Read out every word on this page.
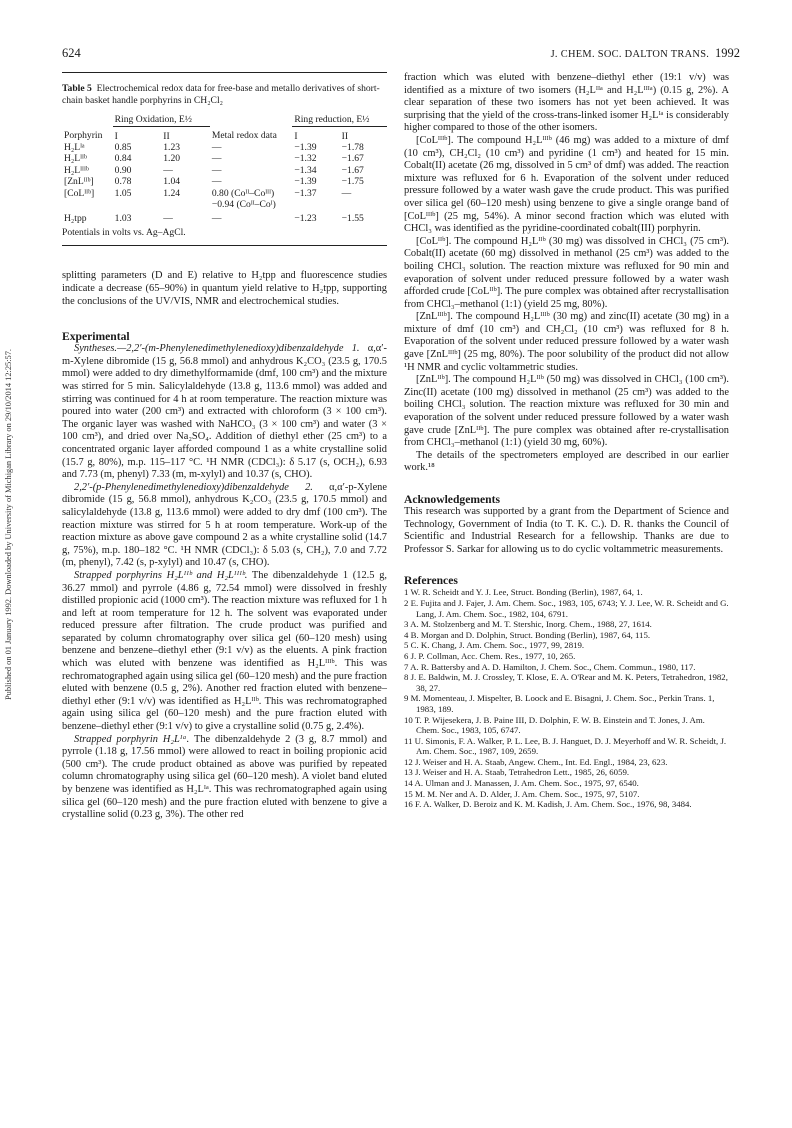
Published on 01 January 1992. Downloaded by University of Michigan Library on 29/10/2014 12:25:57.
624	J. CHEM. SOC. DALTON TRANS. 1992
Table 5 Electrochemical redox data for free-base and metallo derivatives of short-chain basket handle porphyrins in CH₂Cl₂
	Ring Oxidation, E½			Ring reduction, E½	
Porphyrin	I	II	Metal redox data	I	II
H₂Lᴵᵃ	0.85	1.23	—	−1.39	−1.78
H₂Lᴵᴵᵇ	0.84	1.20	—	−1.32	−1.67
H₂Lᴵᴵᴵᵇ	0.90	—	—	−1.34	−1.67
[ZnLᴵᴵᵇ]	0.78	1.04	—	−1.39	−1.75
[CoLᴵᴵᵇ]	1.05	1.24	0.80 (Coᴵᴵ–Coᴵᴵᴵ)	−1.37	—
			−0.94 (Coᴵᴵ–Coᴵ)		
H₂tpp	1.03	—	—	−1.23	−1.55
Potentials in volts vs. Ag–AgCl.

splitting parameters (D and E) relative to H₂tpp and fluorescence studies indicate a decrease (65–90%) in quantum yield relative to H₂tpp, supporting the conclusions of the UV/VIS, NMR and electrochemical studies.

Experimental

Syntheses.—2,2′-(m-Phenylenedimethylenedioxy)dibenzaldehyde 1. α,α′-m-Xylene dibromide (15 g, 56.8 mmol) and anhydrous K₂CO₃ (23.5 g, 170.5 mmol) were added to dry dimethylformamide (dmf, 100 cm³) and the mixture was stirred for 5 min. Salicylaldehyde (13.8 g, 113.6 mmol) was added and stirring was continued for 4 h at room temperature. The reaction mixture was poured into water (200 cm³) and extracted with chloroform (3 × 100 cm³). The organic layer was washed with NaHCO₃ (3 × 100 cm³) and water (3 × 100 cm³), and dried over Na₂SO₄. Addition of diethyl ether (25 cm³) to a concentrated organic layer afforded compound 1 as a white crystalline solid (15.7 g, 80%), m.p. 115–117 °C. ¹H NMR (CDCl₃): δ 5.17 (s, OCH₂), 6.93 and 7.73 (m, phenyl) 7.33 (m, m-xylyl) and 10.37 (s, CHO).

2,2′-(p-Phenylenedimethylenedioxy)dibenzaldehyde 2. α,α′-p-Xylene dibromide (15 g, 56.8 mmol), anhydrous K₂CO₃ (23.5 g, 170.5 mmol) and salicylaldehyde (13.8 g, 113.6 mmol) were added to dry dmf (100 cm³). The reaction mixture was stirred for 5 h at room temperature. Work-up of the reaction mixture as above gave compound 2 as a white crystalline solid (14.7 g, 75%), m.p. 180–182 °C. ¹H NMR (CDCl₃): δ 5.03 (s, CH₂), 7.0 and 7.72 (m, phenyl), 7.42 (s, p-xylyl) and 10.47 (s, CHO).

Strapped porphyrins H₂Lᴵᴵᵇ and H₂Lᴵᴵᴵᵇ. The dibenzaldehyde 1 (12.5 g, 36.27 mmol) and pyrrole (4.86 g, 72.54 mmol) were dissolved in freshly distilled propionic acid (1000 cm³). The reaction mixture was refluxed for 1 h and left at room temperature for 12 h. The solvent was evaporated under reduced pressure after filtration. The crude product was purified and separated by column chromatography over silica gel (60–120 mesh) using benzene and benzene–diethyl ether (9:1 v/v) as the eluents. A pink fraction which was eluted with benzene was identified as H₂Lᴵᴵᴵᵇ. This was rechromatographed again using silica gel (60–120 mesh) and the pure fraction eluted with benzene (0.5 g, 2%). Another red fraction eluted with benzene–diethyl ether (9:1 v/v) was identified as H₂Lᴵᴵᵇ. This was rechromatographed again using silica gel (60–120 mesh) and the pure fraction eluted with benzene–diethyl ether (9:1 v/v) to give a crystalline solid (0.75 g, 2.4%).

Strapped porphyrin H₂Lᴵᵃ. The dibenzaldehyde 2 (3 g, 8.7 mmol) and pyrrole (1.18 g, 17.56 mmol) were allowed to react in boiling propionic acid (500 cm³). The crude product obtained as above was purified by repeated column chromatography using silica gel (60–120 mesh). A violet band eluted by benzene was identified as H₂Lᴵᵃ. This was rechromatographed again using silica gel (60–120 mesh) and the pure fraction eluted with benzene to give a crystalline solid (0.23 g, 3%). The other red

fraction which was eluted with benzene–diethyl ether (19:1 v/v) was identified as a mixture of two isomers (H₂Lᴵᴵᵃ and H₂Lᴵᴵᴵᵃ) (0.15 g, 2%). A clear separation of these two isomers has not yet been achieved. It was surprising that the yield of the cross-trans-linked isomer H₂Lᴵᵃ is considerably higher compared to those of the other isomers.

[CoLᴵᴵᴵᵇ]. The compound H₂Lᴵᴵᴵᵇ (46 mg) was added to a mixture of dmf (10 cm³), CH₂Cl₂ (10 cm³) and pyridine (1 cm³) and heated for 15 min. Cobalt(II) acetate (26 mg, dissolved in 5 cm³ of dmf) was added. The reaction mixture was refluxed for 6 h. Evaporation of the solvent under reduced pressure followed by a water wash gave the crude product. This was purified over silica gel (60–120 mesh) using benzene to give a single orange band of [CoLᴵᴵᴵᵇ] (25 mg, 54%). A minor second fraction which was eluted with CHCl₃ was identified as the pyridine-coordinated cobalt(III) porphyrin.

[CoLᴵᴵᵇ]. The compound H₂Lᴵᴵᵇ (30 mg) was dissolved in CHCl₃ (75 cm³). Cobalt(II) acetate (60 mg) dissolved in methanol (25 cm³) was added to the boiling CHCl₃ solution. The reaction mixture was refluxed for 90 min and evaporation of solvent under reduced pressure followed by a water wash afforded crude [CoLᴵᴵᵇ]. The pure complex was obtained after recrystallisation from CHCl₃–methanol (1:1) (yield 25 mg, 80%).

[ZnLᴵᴵᴵᵇ]. The compound H₂Lᴵᴵᴵᵇ (30 mg) and zinc(II) acetate (30 mg) in a mixture of dmf (10 cm³) and CH₂Cl₂ (10 cm³) was refluxed for 8 h. Evaporation of the solvent under reduced pressure followed by a water wash gave [ZnLᴵᴵᴵᵇ] (25 mg, 80%). The poor solubility of the product did not allow ¹H NMR and cyclic voltammetric studies.

[ZnLᴵᴵᵇ]. The compound H₂Lᴵᴵᵇ (50 mg) was dissolved in CHCl₃ (100 cm³). Zinc(II) acetate (100 mg) dissolved in methanol (25 cm³) was added to the boiling CHCl₃ solution. The reaction mixture was refluxed for 30 min and evaporation of the solvent under reduced pressure followed by a water wash gave crude [ZnLᴵᴵᵇ]. The pure complex was obtained after re-crystallisation from CHCl₃–methanol (1:1) (yield 30 mg, 60%).

The details of the spectrometers employed are described in our earlier work.¹⁸

Acknowledgements

This research was supported by a grant from the Department of Science and Technology, Government of India (to T. K. C.). D. R. thanks the Council of Scientific and Industrial Research for a fellowship. Thanks are due to Professor S. Sarkar for allowing us to do cyclic voltammetric measurements.

References
1 W. R. Scheidt and Y. J. Lee, Struct. Bonding (Berlin), 1987, 64, 1.
2 E. Fujita and J. Fajer, J. Am. Chem. Soc., 1983, 105, 6743; Y. J. Lee, W. R. Scheidt and G. Lang, J. Am. Chem. Soc., 1982, 104, 6791.
3 A. M. Stolzenberg and M. T. Stershic, Inorg. Chem., 1988, 27, 1614.
4 B. Morgan and D. Dolphin, Struct. Bonding (Berlin), 1987, 64, 115.
5 C. K. Chang, J. Am. Chem. Soc., 1977, 99, 2819.
6 J. P. Collman, Acc. Chem. Res., 1977, 10, 265.
7 A. R. Battersby and A. D. Hamilton, J. Chem. Soc., Chem. Commun., 1980, 117.
8 J. E. Baldwin, M. J. Crossley, T. Klose, E. A. O'Rear and M. K. Peters, Tetrahedron, 1982, 38, 27.
9 M. Momenteau, J. Mispelter, B. Loock and E. Bisagni, J. Chem. Soc., Perkin Trans. 1, 1983, 189.
10 T. P. Wijesekera, J. B. Paine III, D. Dolphin, F. W. B. Einstein and T. Jones, J. Am. Chem. Soc., 1983, 105, 6747.
11 U. Simonis, F. A. Walker, P. L. Lee, B. J. Hanguet, D. J. Meyerhoff and W. R. Scheidt, J. Am. Chem. Soc., 1987, 109, 2659.
12 J. Weiser and H. A. Staab, Angew. Chem., Int. Ed. Engl., 1984, 23, 623.
13 J. Weiser and H. A. Staab, Tetrahedron Lett., 1985, 26, 6059.
14 A. Ulman and J. Manassen, J. Am. Chem. Soc., 1975, 97, 6540.
15 M. M. Ner and A. D. Alder, J. Am. Chem. Soc., 1975, 97, 5107.
16 F. A. Walker, D. Beroiz and K. M. Kadish, J. Am. Chem. Soc., 1976, 98, 3484.
